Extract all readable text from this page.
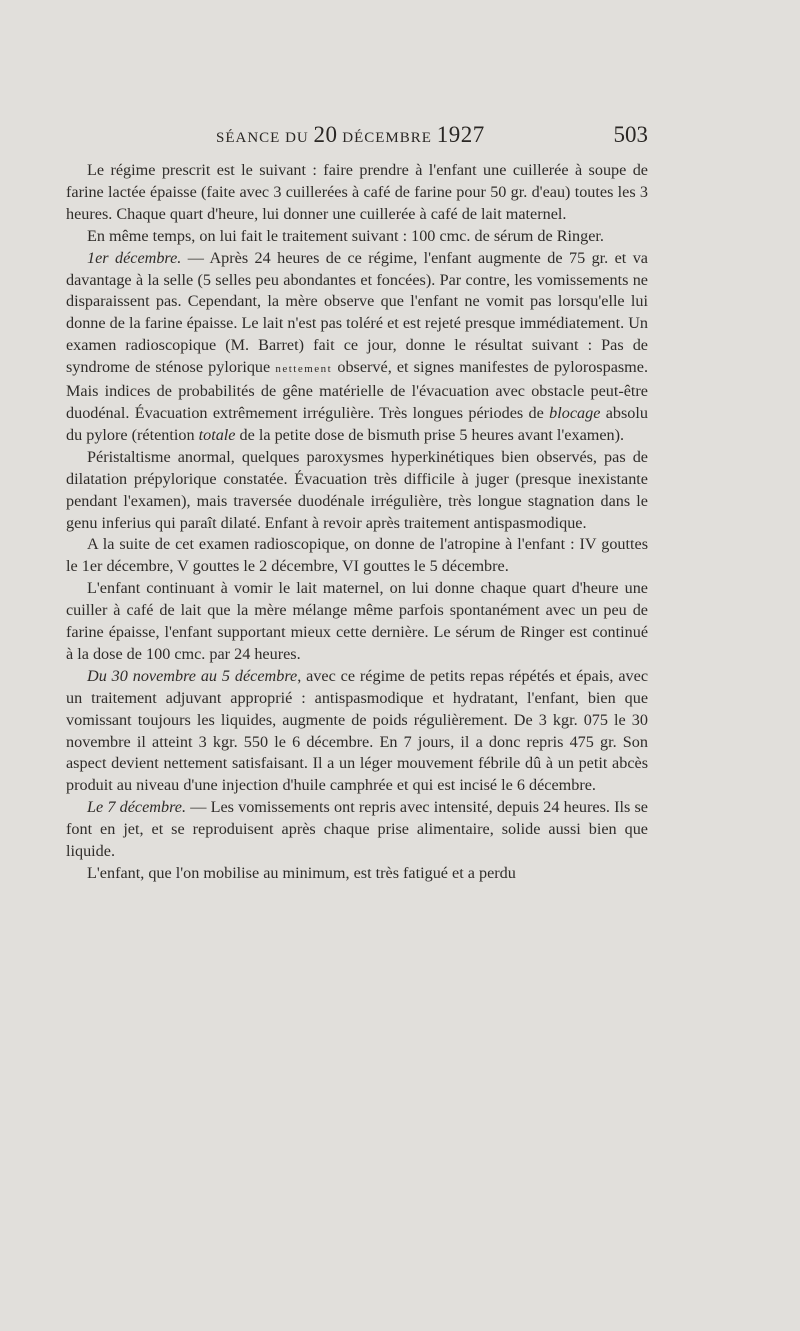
SÉANCE DU 20 DÉCEMBRE 1927	503

Le régime prescrit est le suivant : faire prendre à l'enfant une cuillerée à soupe de farine lactée épaisse (faite avec 3 cuillerées à café de farine pour 50 gr. d'eau) toutes les 3 heures. Chaque quart d'heure, lui donner une cuillerée à café de lait maternel.

En même temps, on lui fait le traitement suivant : 100 cmc. de sérum de Ringer.

1er décembre. — Après 24 heures de ce régime, l'enfant augmente de 75 gr. et va davantage à la selle (5 selles peu abondantes et foncées). Par contre, les vomissements ne disparaissent pas. Cependant, la mère observe que l'enfant ne vomit pas lorsqu'elle lui donne de la farine épaisse. Le lait n'est pas toléré et est rejeté presque immédiatement. Un examen radioscopique (M. Barret) fait ce jour, donne le résultat suivant : Pas de syndrome de sténose pylorique nettement observé, et signes manifestes de pylorospasme. Mais indices de probabilités de gêne matérielle de l'évacuation avec obstacle peut-être duodénal. Évacuation extrêmement irrégulière. Très longues périodes de blocage absolu du pylore (rétention totale de la petite dose de bismuth prise 5 heures avant l'examen).

Péristaltisme anormal, quelques paroxysmes hyperkinétiques bien observés, pas de dilatation prépylorique constatée. Évacuation très difficile à juger (presque inexistante pendant l'examen), mais traversée duodénale irrégulière, très longue stagnation dans le genu inferius qui paraît dilaté. Enfant à revoir après traitement antispasmodique.

A la suite de cet examen radioscopique, on donne de l'atropine à l'enfant : IV gouttes le 1er décembre, V gouttes le 2 décembre, VI gouttes le 5 décembre.

L'enfant continuant à vomir le lait maternel, on lui donne chaque quart d'heure une cuiller à café de lait que la mère mélange même parfois spontanément avec un peu de farine épaisse, l'enfant supportant mieux cette dernière. Le sérum de Ringer est continué à la dose de 100 cmc. par 24 heures.

Du 30 novembre au 5 décembre, avec ce régime de petits repas répétés et épais, avec un traitement adjuvant approprié : antispasmodique et hydratant, l'enfant, bien que vomissant toujours les liquides, augmente de poids régulièrement. De 3 kgr. 075 le 30 novembre il atteint 3 kgr. 550 le 6 décembre. En 7 jours, il a donc repris 475 gr. Son aspect devient nettement satisfaisant. Il a un léger mouvement fébrile dû à un petit abcès produit au niveau d'une injection d'huile camphrée et qui est incisé le 6 décembre.

Le 7 décembre. — Les vomissements ont repris avec intensité, depuis 24 heures. Ils se font en jet, et se reproduisent après chaque prise alimentaire, solide aussi bien que liquide.

L'enfant, que l'on mobilise au minimum, est très fatigué et a perdu
